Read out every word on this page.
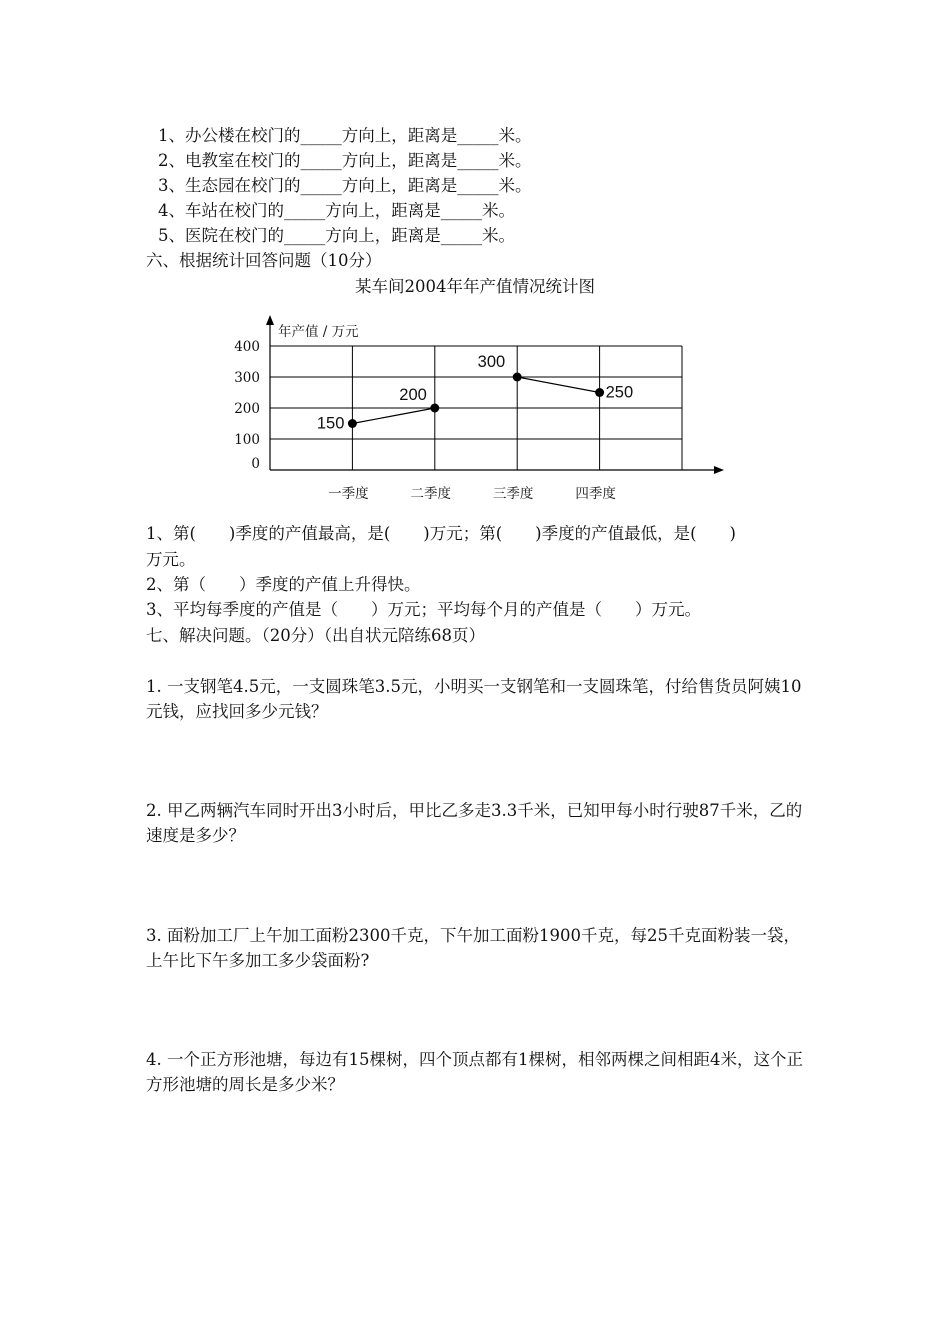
1、办公楼在校门的_____方向上，距离是_____米。
2、电教室在校门的_____方向上，距离是_____米。
3、生态园在校门的_____方向上，距离是_____米。
4、车站在校门的_____方向上，距离是_____米。
5、医院在校门的_____方向上，距离是_____米。
六、根据统计回答问题（10分）
某车间2004年年产值情况统计图
年产值 / 万元
0
100
200
300
400
一季度	二季度	三季度	四季度
150
200
300
250
1、第(　　)季度的产值最高，是(　　)万元；第(　　)季度的产值最低，是(　　)
万元。
2、第（　　）季度的产值上升得快。
3、平均每季度的产值是（　　）万元；平均每个月的产值是（　　）万元。
七、解决问题。（20分）（出自状元陪练68页）
1. 一支钢笔4.5元，一支圆珠笔3.5元，小明买一支钢笔和一支圆珠笔，付给售货员阿姨10元钱，应找回多少元钱？
2. 甲乙两辆汽车同时开出3小时后，甲比乙多走3.3千米，已知甲每小时行驶87千米，乙的速度是多少？
3. 面粉加工厂上午加工面粉2300千克，下午加工面粉1900千克，每25千克面粉装一袋，上午比下午多加工多少袋面粉?
4. 一个正方形池塘，每边有15棵树，四个顶点都有1棵树，相邻两棵之间相距4米，这个正方形池塘的周长是多少米？
